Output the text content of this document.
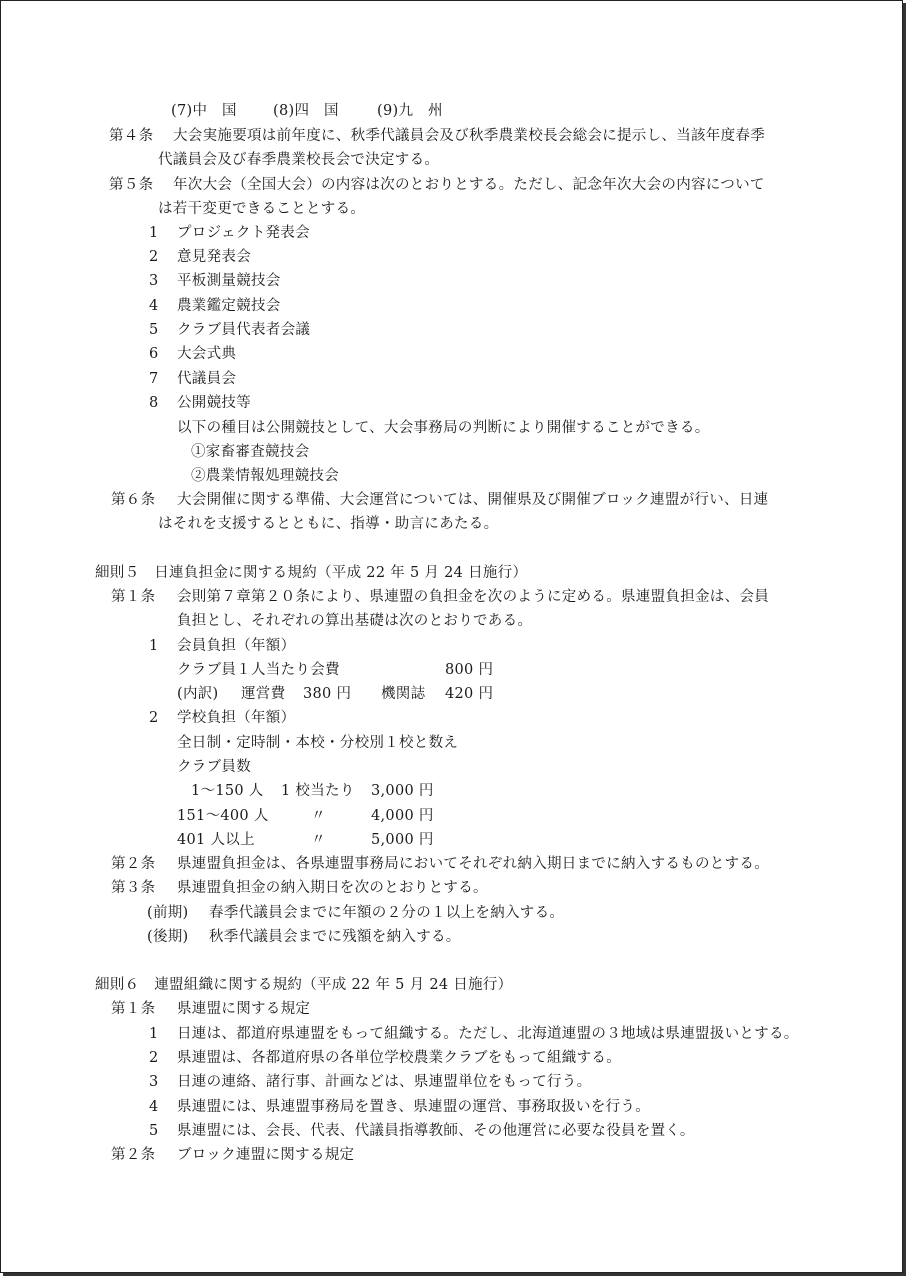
(7)中　国 (8)四　国	(9)九　州
第４条 大会実施要項は前年度に、秋季代議員会及び秋季農業校長会総会に提示し、当該年度春季
代議員会及び春季農業校長会で決定する。
第５条 年次大会（全国大会）の内容は次のとおりとする。ただし、記念年次大会の内容について
は若干変更できることとする。
1 プロジェクト発表会
2 意見発表会
3 平板測量競技会
4 農業鑑定競技会
5 クラブ員代表者会議
6 大会式典
7 代議員会
8 公開競技等
以下の種目は公開競技として、大会事務局の判断により開催することができる。
①家畜審査競技会
②農業情報処理競技会
第６条 大会開催に関する準備、大会運営については、開催県及び開催ブロック連盟が行い、日連
はそれを支援するとともに、指導・助言にあたる。
細則５　日連負担金に関する規約（平成 22 年 5 月 24 日施行）
第１条 会則第７章第２０条により、県連盟の負担金を次のように定める。県連盟負担金は、会員
負担とし、それぞれの算出基礎は次のとおりである。
1 会員負担（年額）
クラブ員１人当たり会費	800 円
(内訳) 運営費 380 円 機関誌 420 円
2 学校負担（年額）
全日制・定時制・本校・分校別１校と数え
クラブ員数
1〜150 人 1 校当たり 3,000 円
151〜400 人	〃	4,000 円
401 人以上	〃	5,000 円
第２条 県連盟負担金は、各県連盟事務局においてそれぞれ納入期日までに納入するものとする。
第３条 県連盟負担金の納入期日を次のとおりとする。
(前期) 春季代議員会までに年額の２分の１以上を納入する。
(後期) 秋季代議員会までに残額を納入する。
細則６　連盟組織に関する規約（平成 22 年 5 月 24 日施行）
第１条 県連盟に関する規定
1 日連は、都道府県連盟をもって組織する。ただし、北海道連盟の３地域は県連盟扱いとする。
2 県連盟は、各都道府県の各単位学校農業クラブをもって組織する。
3 日連の連絡、諸行事、計画などは、県連盟単位をもって行う。
4 県連盟には、県連盟事務局を置き、県連盟の運営、事務取扱いを行う。
5 県連盟には、会長、代表、代議員指導教師、その他運営に必要な役員を置く。
第２条 ブロック連盟に関する規定
